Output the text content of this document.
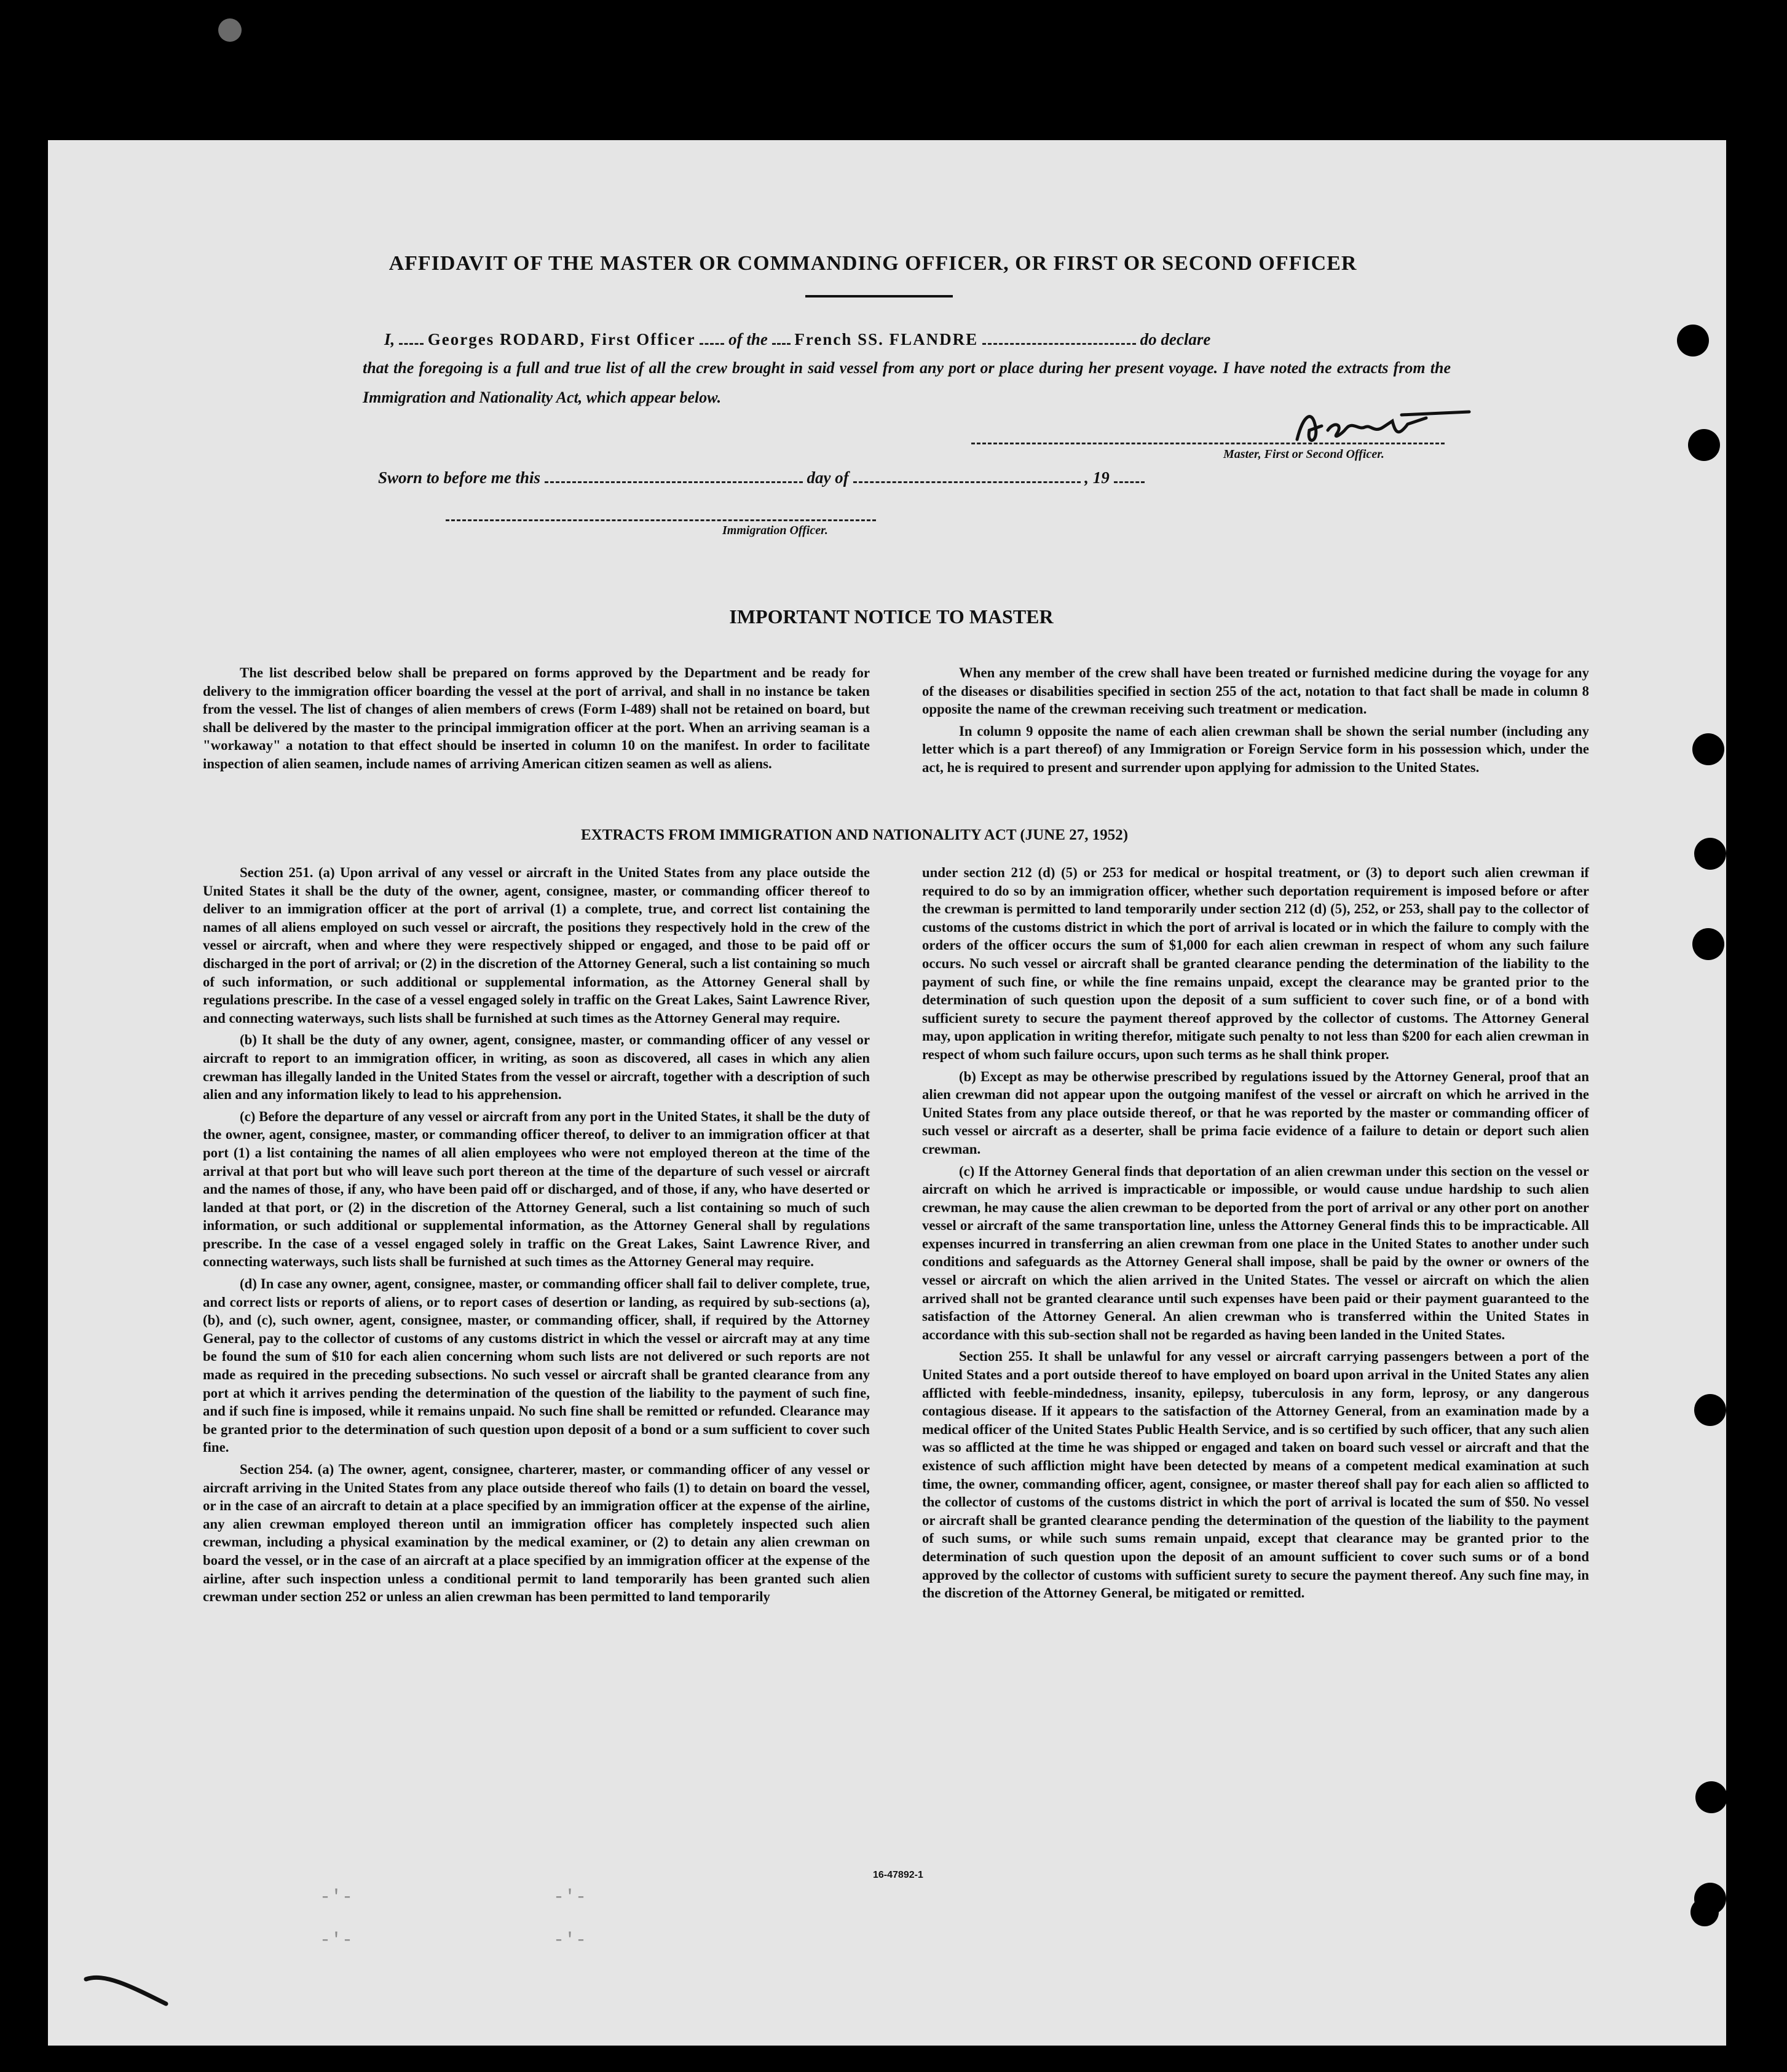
AFFIDAVIT OF THE MASTER OR COMMANDING OFFICER, OR FIRST OR SECOND OFFICER
I, Georges RODARD, First Officer of the French SS. FLANDRE	do declare
that the foregoing is a full and true list of all the crew brought in said vessel from any port or place during her present voyage. I have noted the extracts from the Immigration and Nationality Act, which appear below.
Master, First or Second Officer.
Sworn to before me this	day of	, 19
Immigration Officer.
IMPORTANT NOTICE TO MASTER

The list described below shall be prepared on forms approved by the Department and be ready for delivery to the immigration officer boarding the vessel at the port of arrival, and shall in no instance be taken from the vessel. The list of changes of alien members of crews (Form I-489) shall not be retained on board, but shall be delivered by the master to the principal immigration officer at the port. When an arriving seaman is a "workaway" a notation to that effect should be inserted in column 10 on the manifest. In order to facilitate inspection of alien seamen, include names of arriving American citizen seamen as well as aliens.

When any member of the crew shall have been treated or furnished medicine during the voyage for any of the diseases or disabilities specified in section 255 of the act, notation to that fact shall be made in column 8 opposite the name of the crewman receiving such treatment or medication.

In column 9 opposite the name of each alien crewman shall be shown the serial number (including any letter which is a part thereof) of any Immigration or Foreign Service form in his possession which, under the act, he is required to present and surrender upon applying for admission to the United States.

EXTRACTS FROM IMMIGRATION AND NATIONALITY ACT (JUNE 27, 1952)

Section 251. (a) Upon arrival of any vessel or aircraft in the United States from any place outside the United States it shall be the duty of the owner, agent, consignee, master, or commanding officer thereof to deliver to an immigration officer at the port of arrival (1) a complete, true, and correct list containing the names of all aliens employed on such vessel or aircraft, the positions they respectively hold in the crew of the vessel or aircraft, when and where they were respectively shipped or engaged, and those to be paid off or discharged in the port of arrival; or (2) in the discretion of the Attorney General, such a list containing so much of such information, or such additional or supplemental information, as the Attorney General shall by regulations prescribe. In the case of a vessel engaged solely in traffic on the Great Lakes, Saint Lawrence River, and connecting waterways, such lists shall be furnished at such times as the Attorney General may require.

(b) It shall be the duty of any owner, agent, consignee, master, or commanding officer of any vessel or aircraft to report to an immigration officer, in writing, as soon as discovered, all cases in which any alien crewman has illegally landed in the United States from the vessel or aircraft, together with a description of such alien and any information likely to lead to his apprehension.

(c) Before the departure of any vessel or aircraft from any port in the United States, it shall be the duty of the owner, agent, consignee, master, or commanding officer thereof, to deliver to an immigration officer at that port (1) a list containing the names of all alien employees who were not employed thereon at the time of the arrival at that port but who will leave such port thereon at the time of the departure of such vessel or aircraft and the names of those, if any, who have been paid off or discharged, and of those, if any, who have deserted or landed at that port, or (2) in the discretion of the Attorney General, such a list containing so much of such information, or such additional or supplemental information, as the Attorney General shall by regulations prescribe. In the case of a vessel engaged solely in traffic on the Great Lakes, Saint Lawrence River, and connecting waterways, such lists shall be furnished at such times as the Attorney General may require.

(d) In case any owner, agent, consignee, master, or commanding officer shall fail to deliver complete, true, and correct lists or reports of aliens, or to report cases of desertion or landing, as required by sub-sections (a), (b), and (c), such owner, agent, consignee, master, or commanding officer, shall, if required by the Attorney General, pay to the collector of customs of any customs district in which the vessel or aircraft may at any time be found the sum of $10 for each alien concerning whom such lists are not delivered or such reports are not made as required in the preceding subsections. No such vessel or aircraft shall be granted clearance from any port at which it arrives pending the determination of the question of the liability to the payment of such fine, and if such fine is imposed, while it remains unpaid. No such fine shall be remitted or refunded. Clearance may be granted prior to the determination of such question upon deposit of a bond or a sum sufficient to cover such fine.

Section 254. (a) The owner, agent, consignee, charterer, master, or commanding officer of any vessel or aircraft arriving in the United States from any place outside thereof who fails (1) to detain on board the vessel, or in the case of an aircraft to detain at a place specified by an immigration officer at the expense of the airline, any alien crewman employed thereon until an immigration officer has completely inspected such alien crewman, including a physical examination by the medical examiner, or (2) to detain any alien crewman on board the vessel, or in the case of an aircraft at a place specified by an immigration officer at the expense of the airline, after such inspection unless a conditional permit to land temporarily has been granted such alien crewman under section 252 or unless an alien crewman has been permitted to land temporarily

under section 212 (d) (5) or 253 for medical or hospital treatment, or (3) to deport such alien crewman if required to do so by an immigration officer, whether such deportation requirement is imposed before or after the crewman is permitted to land temporarily under section 212 (d) (5), 252, or 253, shall pay to the collector of customs of the customs district in which the port of arrival is located or in which the failure to comply with the orders of the officer occurs the sum of $1,000 for each alien crewman in respect of whom any such failure occurs. No such vessel or aircraft shall be granted clearance pending the determination of the liability to the payment of such fine, or while the fine remains unpaid, except the clearance may be granted prior to the determination of such question upon the deposit of a sum sufficient to cover such fine, or of a bond with sufficient surety to secure the payment thereof approved by the collector of customs. The Attorney General may, upon application in writing therefor, mitigate such penalty to not less than $200 for each alien crewman in respect of whom such failure occurs, upon such terms as he shall think proper.

(b) Except as may be otherwise prescribed by regulations issued by the Attorney General, proof that an alien crewman did not appear upon the outgoing manifest of the vessel or aircraft on which he arrived in the United States from any place outside thereof, or that he was reported by the master or commanding officer of such vessel or aircraft as a deserter, shall be prima facie evidence of a failure to detain or deport such alien crewman.

(c) If the Attorney General finds that deportation of an alien crewman under this section on the vessel or aircraft on which he arrived is impracticable or impossible, or would cause undue hardship to such alien crewman, he may cause the alien crewman to be deported from the port of arrival or any other port on another vessel or aircraft of the same transportation line, unless the Attorney General finds this to be impracticable. All expenses incurred in transferring an alien crewman from one place in the United States to another under such conditions and safeguards as the Attorney General shall impose, shall be paid by the owner or owners of the vessel or aircraft on which the alien arrived in the United States. The vessel or aircraft on which the alien arrived shall not be granted clearance until such expenses have been paid or their payment guaranteed to the satisfaction of the Attorney General. An alien crewman who is transferred within the United States in accordance with this sub-section shall not be regarded as having been landed in the United States.

Section 255. It shall be unlawful for any vessel or aircraft carrying passengers between a port of the United States and a port outside thereof to have employed on board upon arrival in the United States any alien afflicted with feeble-mindedness, insanity, epilepsy, tuberculosis in any form, leprosy, or any dangerous contagious disease. If it appears to the satisfaction of the Attorney General, from an examination made by a medical officer of the United States Public Health Service, and is so certified by such officer, that any such alien was so afflicted at the time he was shipped or engaged and taken on board such vessel or aircraft and that the existence of such affliction might have been detected by means of a competent medical examination at such time, the owner, commanding officer, agent, consignee, or master thereof shall pay for each alien so afflicted to the collector of customs of the customs district in which the port of arrival is located the sum of $50. No vessel or aircraft shall be granted clearance pending the determination of the question of the liability to the payment of such sums, or while such sums remain unpaid, except that clearance may be granted prior to the determination of such question upon the deposit of an amount sufficient to cover such sums or of a bond approved by the collector of customs with sufficient surety to secure the payment thereof. Any such fine may, in the discretion of the Attorney General, be mitigated or remitted.

16-47892-1
-'-	-'-
-'-	-'-
